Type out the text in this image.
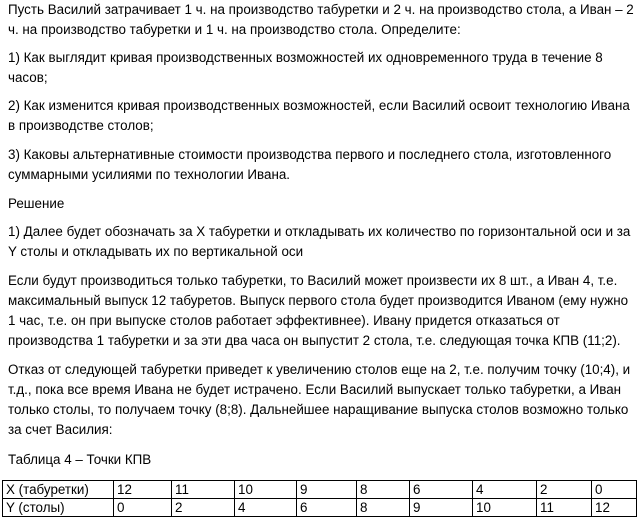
Пусть Василий затрачивает 1 ч. на производство табуретки и 2 ч. на производство стола, а Иван – 2 ч. на производство табуретки и 1 ч. на производство стола. Определите:

1) Как выглядит кривая производственных возможностей их одновременного труда в течение 8 часов;

2) Как изменится кривая производственных возможностей, если Василий освоит технологию Ивана в производстве столов;

3) Каковы альтернативные стоимости производства первого и последнего стола, изготовленного суммарными усилиями по технологии Ивана.

Решение

1) Далее будет обозначать за X табуретки и откладывать их количество по горизонтальной оси и за Y столы и откладывать их по вертикальной оси

Если будут производиться только табуретки, то Василий может произвести их 8 шт., а Иван 4, т.е. максимальный выпуск 12 табуретов. Выпуск первого стола будет производится Иваном (ему нужно 1 час, т.е. он при выпуске столов работает эффективнее). Ивану придется отказаться от производства 1 табуретки и за эти два часа он выпустит 2 стола, т.е. следующая точка КПВ (11;2).

Отказ от следующей табуретки приведет к увеличению столов еще на 2, т.е. получим точку (10;4), и т.д., пока все время Ивана не будет истрачено. Если Василий выпускает только табуретки, а Иван только столы, то получаем точку (8;8). Дальнейшее наращивание выпуска столов возможно только за счет Василия:

Таблица 4 – Точки КПВ

X (табуретки)	12	11	10	9	8	6	4	2	0
Y (столы)	0	2	4	6	8	9	10	11	12
